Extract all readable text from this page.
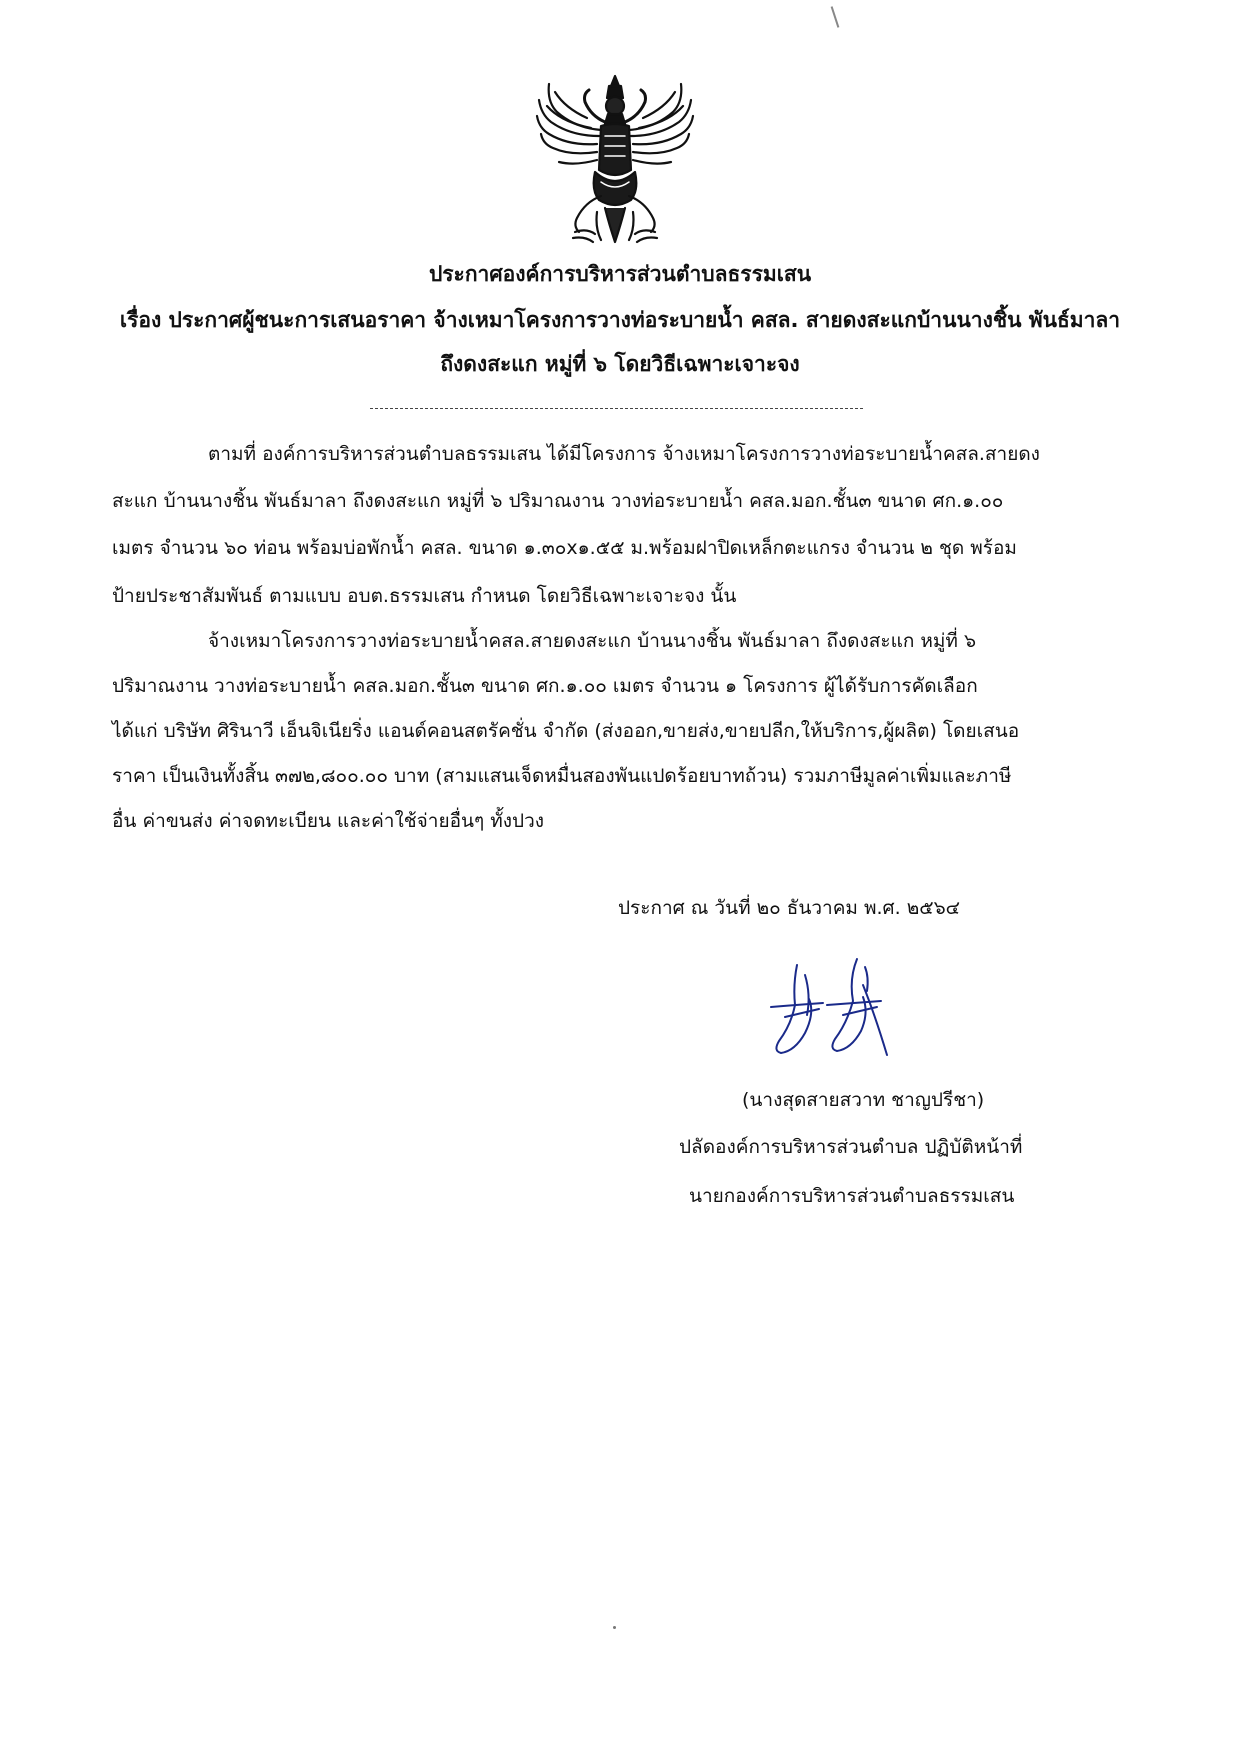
ประกาศองค์การบริหารส่วนตำบลธรรมเสน
เรื่อง ประกาศผู้ชนะการเสนอราคา จ้างเหมาโครงการวางท่อระบายน้ำ คสล. สายดงสะแกบ้านนางชิ้น พันธ์มาลา
ถึงดงสะแก หมู่ที่ ๖ โดยวิธีเฉพาะเจาะจง
ตามที่ องค์การบริหารส่วนตำบลธรรมเสน ได้มีโครงการ จ้างเหมาโครงการวางท่อระบายน้ำคสล.สายดง
สะแก บ้านนางชิ้น พันธ์มาลา ถึงดงสะแก หมู่ที่ ๖ ปริมาณงาน วางท่อระบายน้ำ คสล.มอก.ชั้น๓ ขนาด ศก.๑.๐๐
เมตร จำนวน ๖๐ ท่อน พร้อมบ่อพักน้ำ คสล. ขนาด ๑.๓๐x๑.๕๕ ม.พร้อมฝาปิดเหล็กตะแกรง จำนวน ๒ ชุด พร้อม
ป้ายประชาสัมพันธ์ ตามแบบ อบต.ธรรมเสน กำหนด โดยวิธีเฉพาะเจาะจง นั้น
จ้างเหมาโครงการวางท่อระบายน้ำคสล.สายดงสะแก บ้านนางชิ้น พันธ์มาลา ถึงดงสะแก หมู่ที่ ๖
ปริมาณงาน วางท่อระบายน้ำ คสล.มอก.ชั้น๓ ขนาด ศก.๑.๐๐ เมตร จำนวน ๑ โครงการ ผู้ได้รับการคัดเลือก
ได้แก่ บริษัท ศิรินาวี เอ็นจิเนียริ่ง แอนด์คอนสตรัคชั่น จำกัด (ส่งออก,ขายส่ง,ขายปลีก,ให้บริการ,ผู้ผลิต) โดยเสนอ
ราคา เป็นเงินทั้งสิ้น ๓๗๒,๘๐๐.๐๐ บาท (สามแสนเจ็ดหมื่นสองพันแปดร้อยบาทถ้วน) รวมภาษีมูลค่าเพิ่มและภาษี
อื่น ค่าขนส่ง ค่าจดทะเบียน และค่าใช้จ่ายอื่นๆ ทั้งปวง
ประกาศ ณ วันที่ ๒๐ ธันวาคม พ.ศ. ๒๕๖๔
(นางสุดสายสวาท ชาญปรีชา)
ปลัดองค์การบริหารส่วนตำบล ปฏิบัติหน้าที่
นายกองค์การบริหารส่วนตำบลธรรมเสน
